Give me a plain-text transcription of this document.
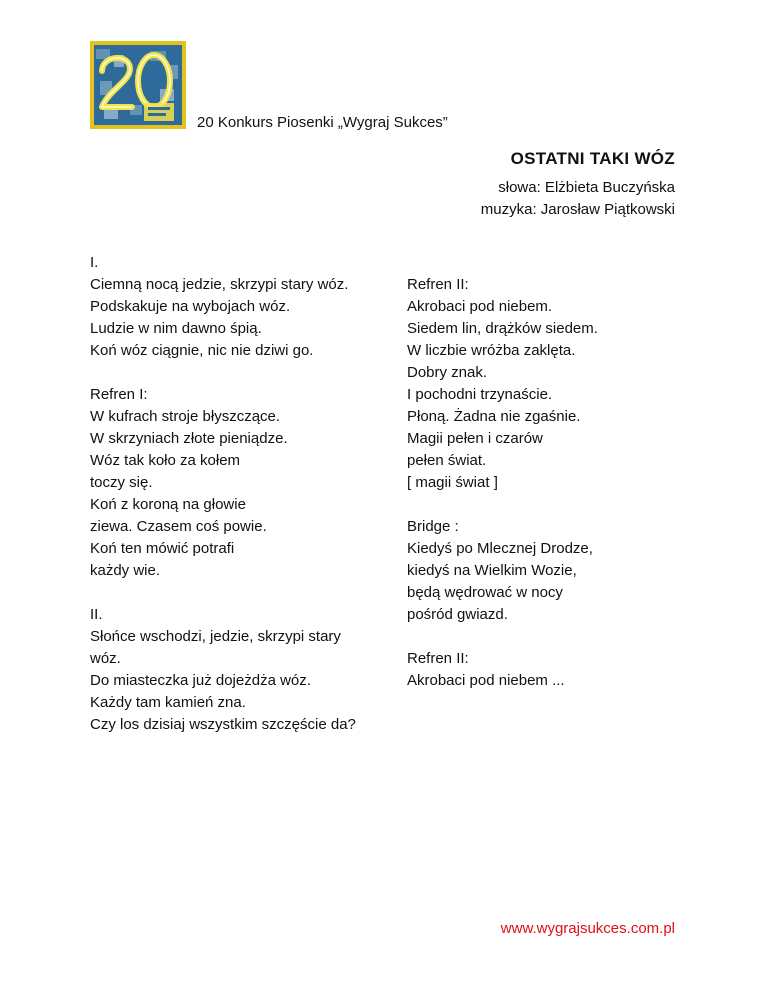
20 Konkurs Piosenki „Wygraj Sukces”
OSTATNI TAKI WÓZ
słowa: Elżbieta Buczyńska
muzyka: Jarosław Piątkowski
I.
Ciemną nocą jedzie, skrzypi stary wóz.
Podskakuje na wybojach wóz.
Ludzie w nim dawno śpią.
Koń wóz ciągnie, nic nie dziwi go.
Refren I:
W kufrach stroje błyszczące.
W skrzyniach złote pieniądze.
Wóz tak koło za kołem
toczy się.
Koń z koroną na głowie
ziewa. Czasem coś powie.
Koń ten mówić potrafi
każdy wie.
II.
Słońce wschodzi, jedzie, skrzypi stary wóz.
Do miasteczka już dojeżdża wóz.
Każdy tam kamień zna.
Czy los dzisiaj wszystkim szczęście da?
Refren II:
Akrobaci pod niebem.
Siedem lin, drążków siedem.
W liczbie wróżba zaklęta.
Dobry znak.
I pochodni trzynaście.
Płoną. Żadna nie zgaśnie.
Magii pełen i czarów
pełen świat.
[ magii świat ]
Bridge :
Kiedyś po Mlecznej Drodze,
kiedyś na Wielkim Wozie,
będą wędrować w nocy
pośród gwiazd.
Refren II:
Akrobaci pod niebem ...
www.wygrajsukces.com.pl
